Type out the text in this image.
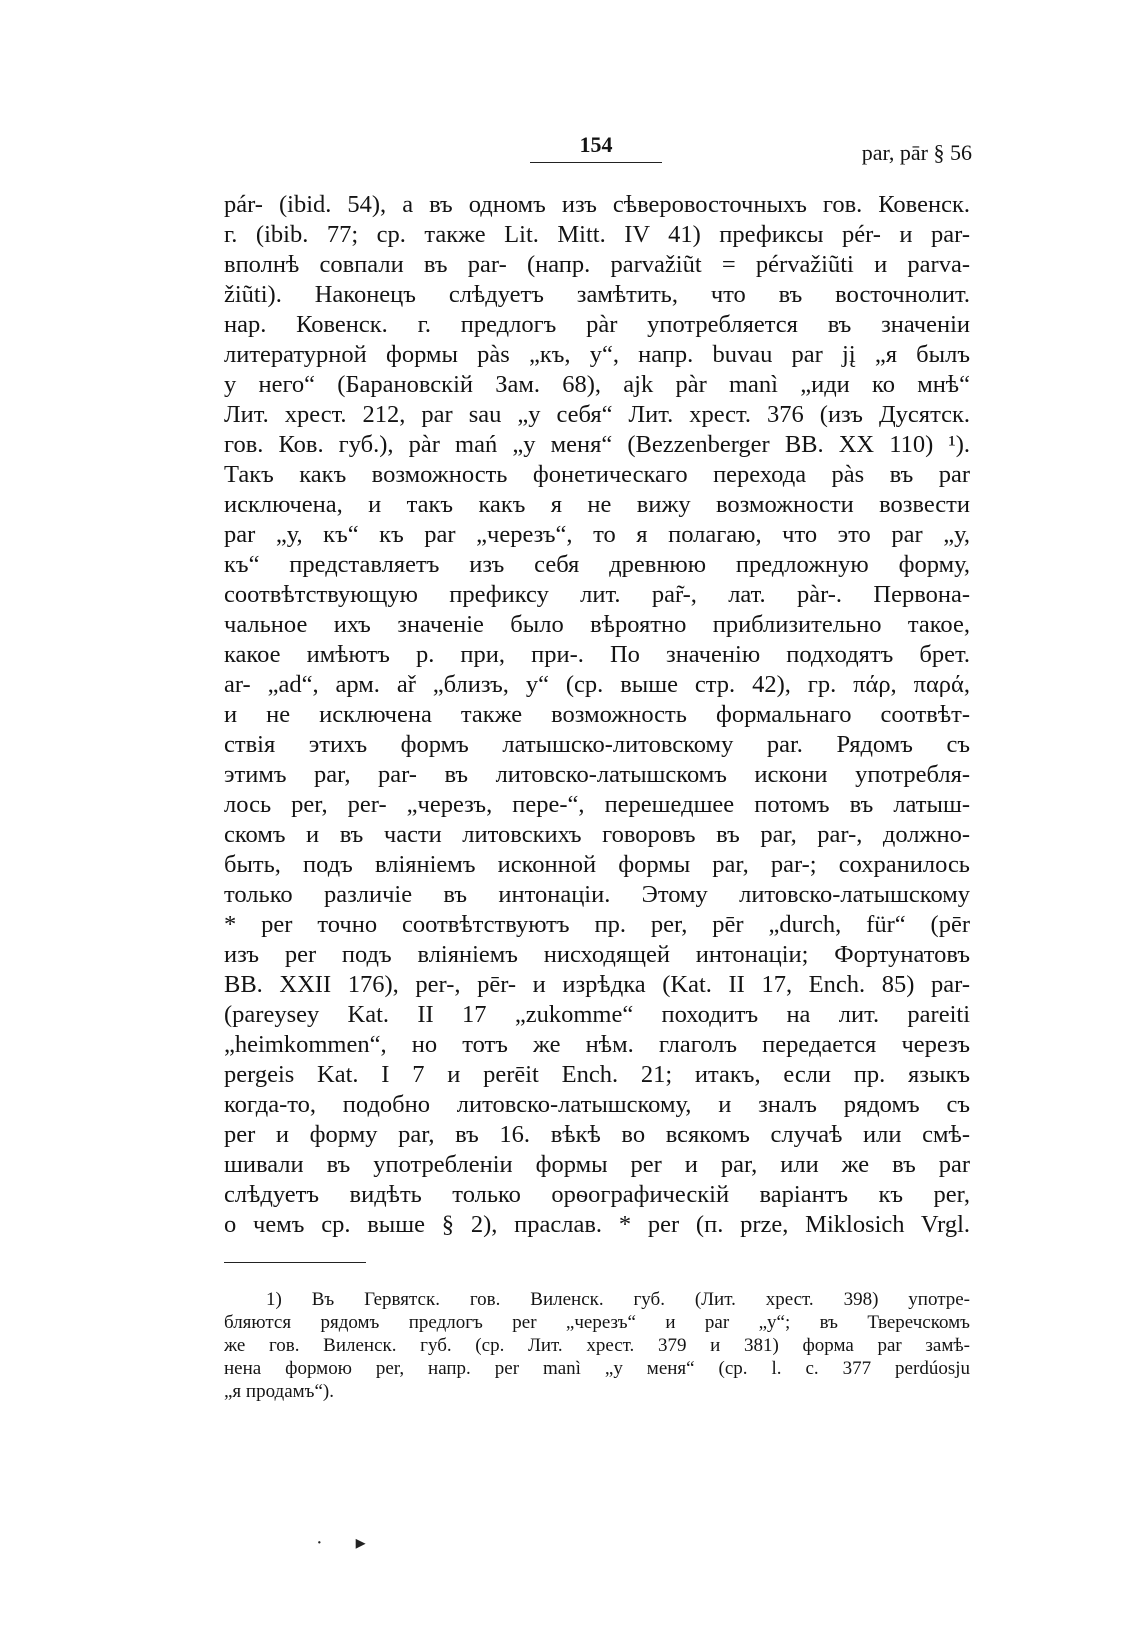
154	par, pār § 56
pár- (ibid. 54), а въ одномъ изъ сѣверовосточныхъ гов. Ковенск.
г. (ibib. 77; ср. также Lit. Mitt. IV 41) префиксы pér- и par-
вполнѣ совпали въ par- (напр. parvažiũt = pérvažiũti и parva-
žiũti). Наконецъ слѣдуетъ замѣтить, что въ восточнолит.
нар. Ковенск. г. предлогъ pàr употребляется въ значеніи
литературной формы pàs „къ, у“, напр. buvau par jį „я былъ
у него“ (Барановскій Зам. 68), ajk pàr manì „иди ко мнѣ“
Лит. хрест. 212, par sau „у себя“ Лит. хрест. 376 (изъ Дусятск.
гов. Ков. губ.), pàr mań „у меня“ (Bezzenberger BB. XX 110) ¹).
Такъ какъ возможность фонетическаго перехода pàs въ par
исключена, и такъ какъ я не вижу возможности возвести
par „у, къ“ къ par „черезъ“, то я полагаю, что это par „у,
къ“ представляетъ изъ себя древнюю предложную форму,
соотвѣтствующую префиксу лит. par̃-, лат. pàr-. Первона-
чальное ихъ значеніе было вѣроятно приблизительно такое,
какое имѣютъ р. при, при-. По значенію подходятъ брет.
ar- „ad“, арм. ař „близъ, у“ (ср. выше стр. 42), гр. πάρ, παρά,
и не исключена также возможность формальнаго соотвѣт-
ствія этихъ формъ латышско-литовскому par. Рядомъ съ
этимъ par, par- въ литовско-латышскомъ искони употребля-
лось per, per- „черезъ, пере-“, перешедшее потомъ въ латыш-
скомъ и въ части литовскихъ говоровъ въ par, par-, должно-
быть, подъ вліяніемъ исконной формы par, par-; сохранилось
только различіе въ интонаціи. Этому литовско-латышскому
* per точно соотвѣтствуютъ пр. per, pēr „durch, für“ (pēr
изъ per подъ вліяніемъ нисходящей интонаціи; Фортунатовъ
BB. XXII 176), per-, pēr- и изрѣдка (Kat. II 17, Ench. 85) par-
(pareysey Kat. II 17 „zukomme“ походитъ на лит. pareiti
„heimkommen“, но тотъ же нѣм. глаголъ передается черезъ
pergeis Kat. I 7 и perēit Ench. 21; итакъ, если пр. языкъ
когда-то, подобно литовско-латышскому, и зналъ рядомъ съ
per и форму par, въ 16. вѣкѣ во всякомъ случаѣ или смѣ-
шивали въ употребленіи формы per и par, или же въ par
слѣдуетъ видѣть только орѳографическій варіантъ къ per,
о чемъ ср. выше § 2), праслав. * per (п. prze, Miklosich Vrgl.
1) Въ Гервятск. гов. Виленск. губ. (Лит. хрест. 398) употре-
бляются рядомъ предлогъ per „черезъ“ и par „у“; въ Тверечскомъ
же гов. Виленск. губ. (ср. Лит. хрест. 379 и 381) форма par замѣ-
нена формою per, напр. per manì „у меня“ (ср. l. c. 377 perdúosju
„я продамъ“).
· ▸
